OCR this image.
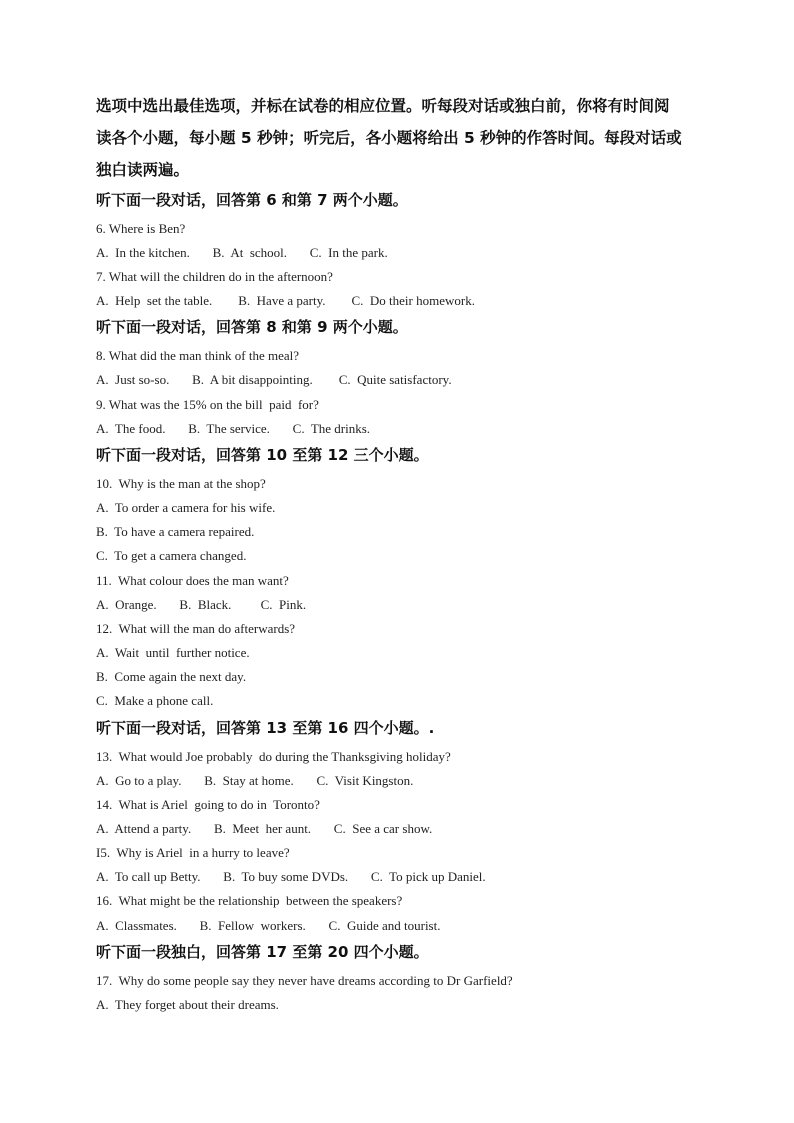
选项中选出最佳选项，并标在试卷的相应位置。听每段对话或独白前，你将有时间阅
读各个小题，每小题 5 秒钟；听完后，各小题将给出 5 秒钟的作答时间。每段对话或
独白读两遍。
听下面一段对话，回答第 6 和第 7 两个小题。
6. Where is Ben?
A.  In the kitchen.       B.  At  school.       C.  In the park.
7. What will the children do in the afternoon?
A.  Help  set the table.        B.  Have a party.        C.  Do their homework.
听下面一段对话，回答第 8 和第 9 两个小题。
8. What did the man think of the meal?
A.  Just so-so.       B.  A bit disappointing.        C.  Quite satisfactory.
9. What was the 15% on the bill  paid  for?
A.  The food.       B.  The service.       C.  The drinks.
听下面一段对话，回答第 10 至第 12 三个小题。
10.  Why is the man at the shop?
A.  To order a camera for his wife.
B.  To have a camera repaired.
C.  To get a camera changed.
11.  What colour does the man want?
A.  Orange.       B.  Black.         C.  Pink.
12.  What will the man do afterwards?
A.  Wait  until  further notice.
B.  Come again the next day.
C.  Make a phone call.
听下面一段对话，回答第 13 至第 16 四个小题。.
13.  What would Joe probably  do during the Thanksgiving holiday?
A.  Go to a play.       B.  Stay at home.       C.  Visit Kingston.
14.  What is Ariel  going to do in  Toronto?
A.  Attend a party.       B.  Meet  her aunt.       C.  See a car show.
I5.  Why is Ariel  in a hurry to leave?
A.  To call up Betty.       B.  To buy some DVDs.       C.  To pick up Daniel.
16.  What might be the relationship  between the speakers?
A.  Classmates.       B.  Fellow  workers.       C.  Guide and tourist.
听下面一段独白，回答第 17 至第 20 四个小题。
17.  Why do some people say they never have dreams according to Dr Garfield?
A.  They forget about their dreams.
